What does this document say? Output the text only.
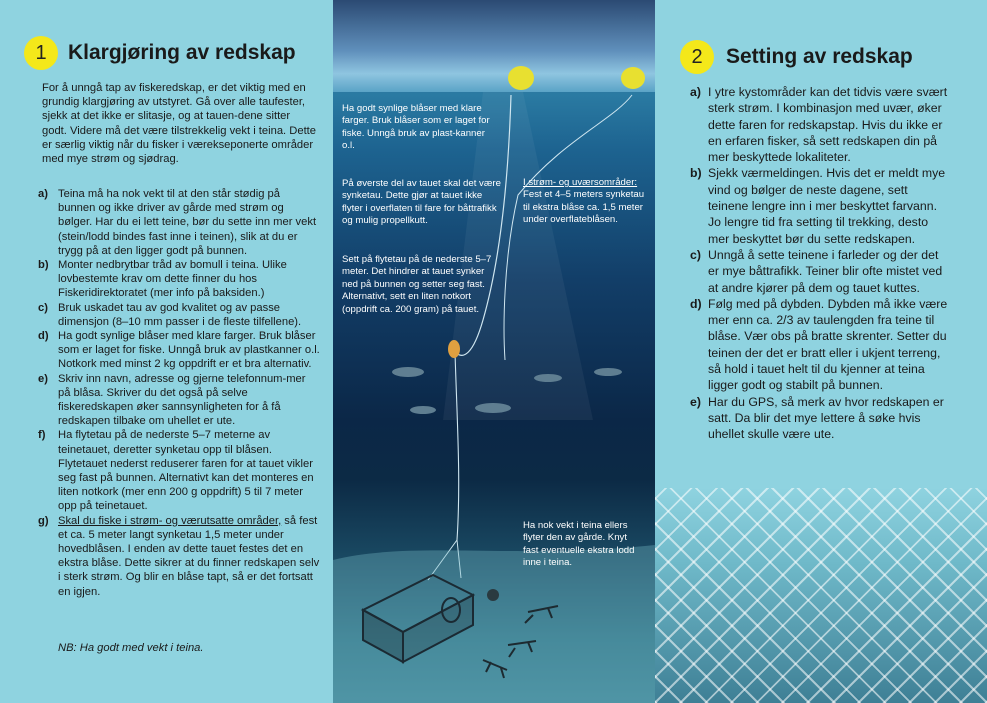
1	Klargjøring av redskap
For å unngå tap av fiskeredskap, er det viktig med en grundig klargjøring av utstyret. Gå over alle taufester, sjekk at det ikke er slitasje, og at tauen-dene sitter godt. Videre må det være tilstrekkelig vekt i teina. Dette er særlig viktig når du fisker i værekseponerte områder med mye strøm og sjødrag.
a) Teina må ha nok vekt til at den står stødig på bunnen og ikke driver av gårde med strøm og bølger. Har du ei lett teine, bør du sette inn mer vekt (stein/lodd bindes fast inne i teinen), slik at du er trygg på at den ligger godt på bunnen.
b) Monter nedbrytbar tråd av bomull i teina. Ulike lovbestemte krav om dette finner du hos Fiskeridirektoratet (mer info på baksiden.)
c) Bruk uskadet tau av god kvalitet og av passe dimensjon (8–10 mm passer i de fleste tilfellene).
d) Ha godt synlige blåser med klare farger. Bruk blåser som er laget for fiske. Unngå bruk av plastkanner o.l. Notkork med minst 2 kg oppdrift er et bra alternativ.
e) Skriv inn navn, adresse og gjerne telefonnum-mer på blåsa. Skriver du det også på selve fiskeredskapen øker sannsynligheten for å få redskapen tilbake om uhellet er ute.
f)	Ha flytetau på de nederste 5–7 meterne av teinetauet, deretter synketau opp til blåsen. Flytetauet nederst reduserer faren for at tauet vikler seg fast på bunnen. Alternativt kan det monteres en liten notkork (mer enn 200 g oppdrift) 5 til 7 meter opp på teinetauet.
g) Skal du fiske i strøm- og værutsatte områder, så fest et ca. 5 meter langt synketau 1,5 meter under hovedblåsen. I enden av dette tauet festes det en ekstra blåse. Dette sikrer at du finner redskapen selv i sterk strøm. Og blir en blåse tapt, så er det fortsatt en igjen.
NB: Ha godt med vekt i teina.
Ha godt synlige blåser med klare farger. Bruk blåser som er laget for fiske. Unngå bruk av plast-kanner o.l.
På øverste del av tauet skal det være synketau. Dette gjør at tauet ikke flyter i overflaten til fare for båttrafikk og mulig propellkutt.
I strøm- og uværsområder: Fest et 4–5 meters synketau til ekstra blåse ca. 1,5 meter under overflateblåsen.
Sett på flytetau på de nederste 5–7 meter. Det hindrer at tauet synker ned på bunnen og setter seg fast. Alternativt, sett en liten notkort (oppdrift ca. 200 gram) på tauet.
Ha nok vekt i teina ellers flyter den av gårde. Knyt fast eventuelle ekstra lodd inne i teina.
2	Setting av redskap
a) I ytre kystområder kan det tidvis være svært sterk strøm. I kombinasjon med uvær, øker dette faren for redskapstap. Hvis du ikke er en erfaren fisker, så sett redskapen din på mer beskyttede lokaliteter.
b) Sjekk værmeldingen. Hvis det er meldt mye vind og bølger de neste dagene, sett teinene lengre inn i mer beskyttet farvann. Jo lengre tid fra setting til trekking, desto mer beskyttet bør du sette redskapen.
c) Unngå å sette teinene i farleder og der det er mye båttrafikk. Teiner blir ofte mistet ved at andre kjører på dem og tauet kuttes.
d) Følg med på dybden. Dybden må ikke være mer enn ca. 2/3 av taulengden fra teine til blåse. Vær obs på bratte skrenter. Setter du teinen der det er bratt eller i ukjent terreng, så hold i tauet helt til du kjenner at teina ligger godt og stabilt på bunnen.
e) Har du GPS, så merk av hvor redskapen er satt. Da blir det mye lettere å søke hvis uhellet skulle være ute.
